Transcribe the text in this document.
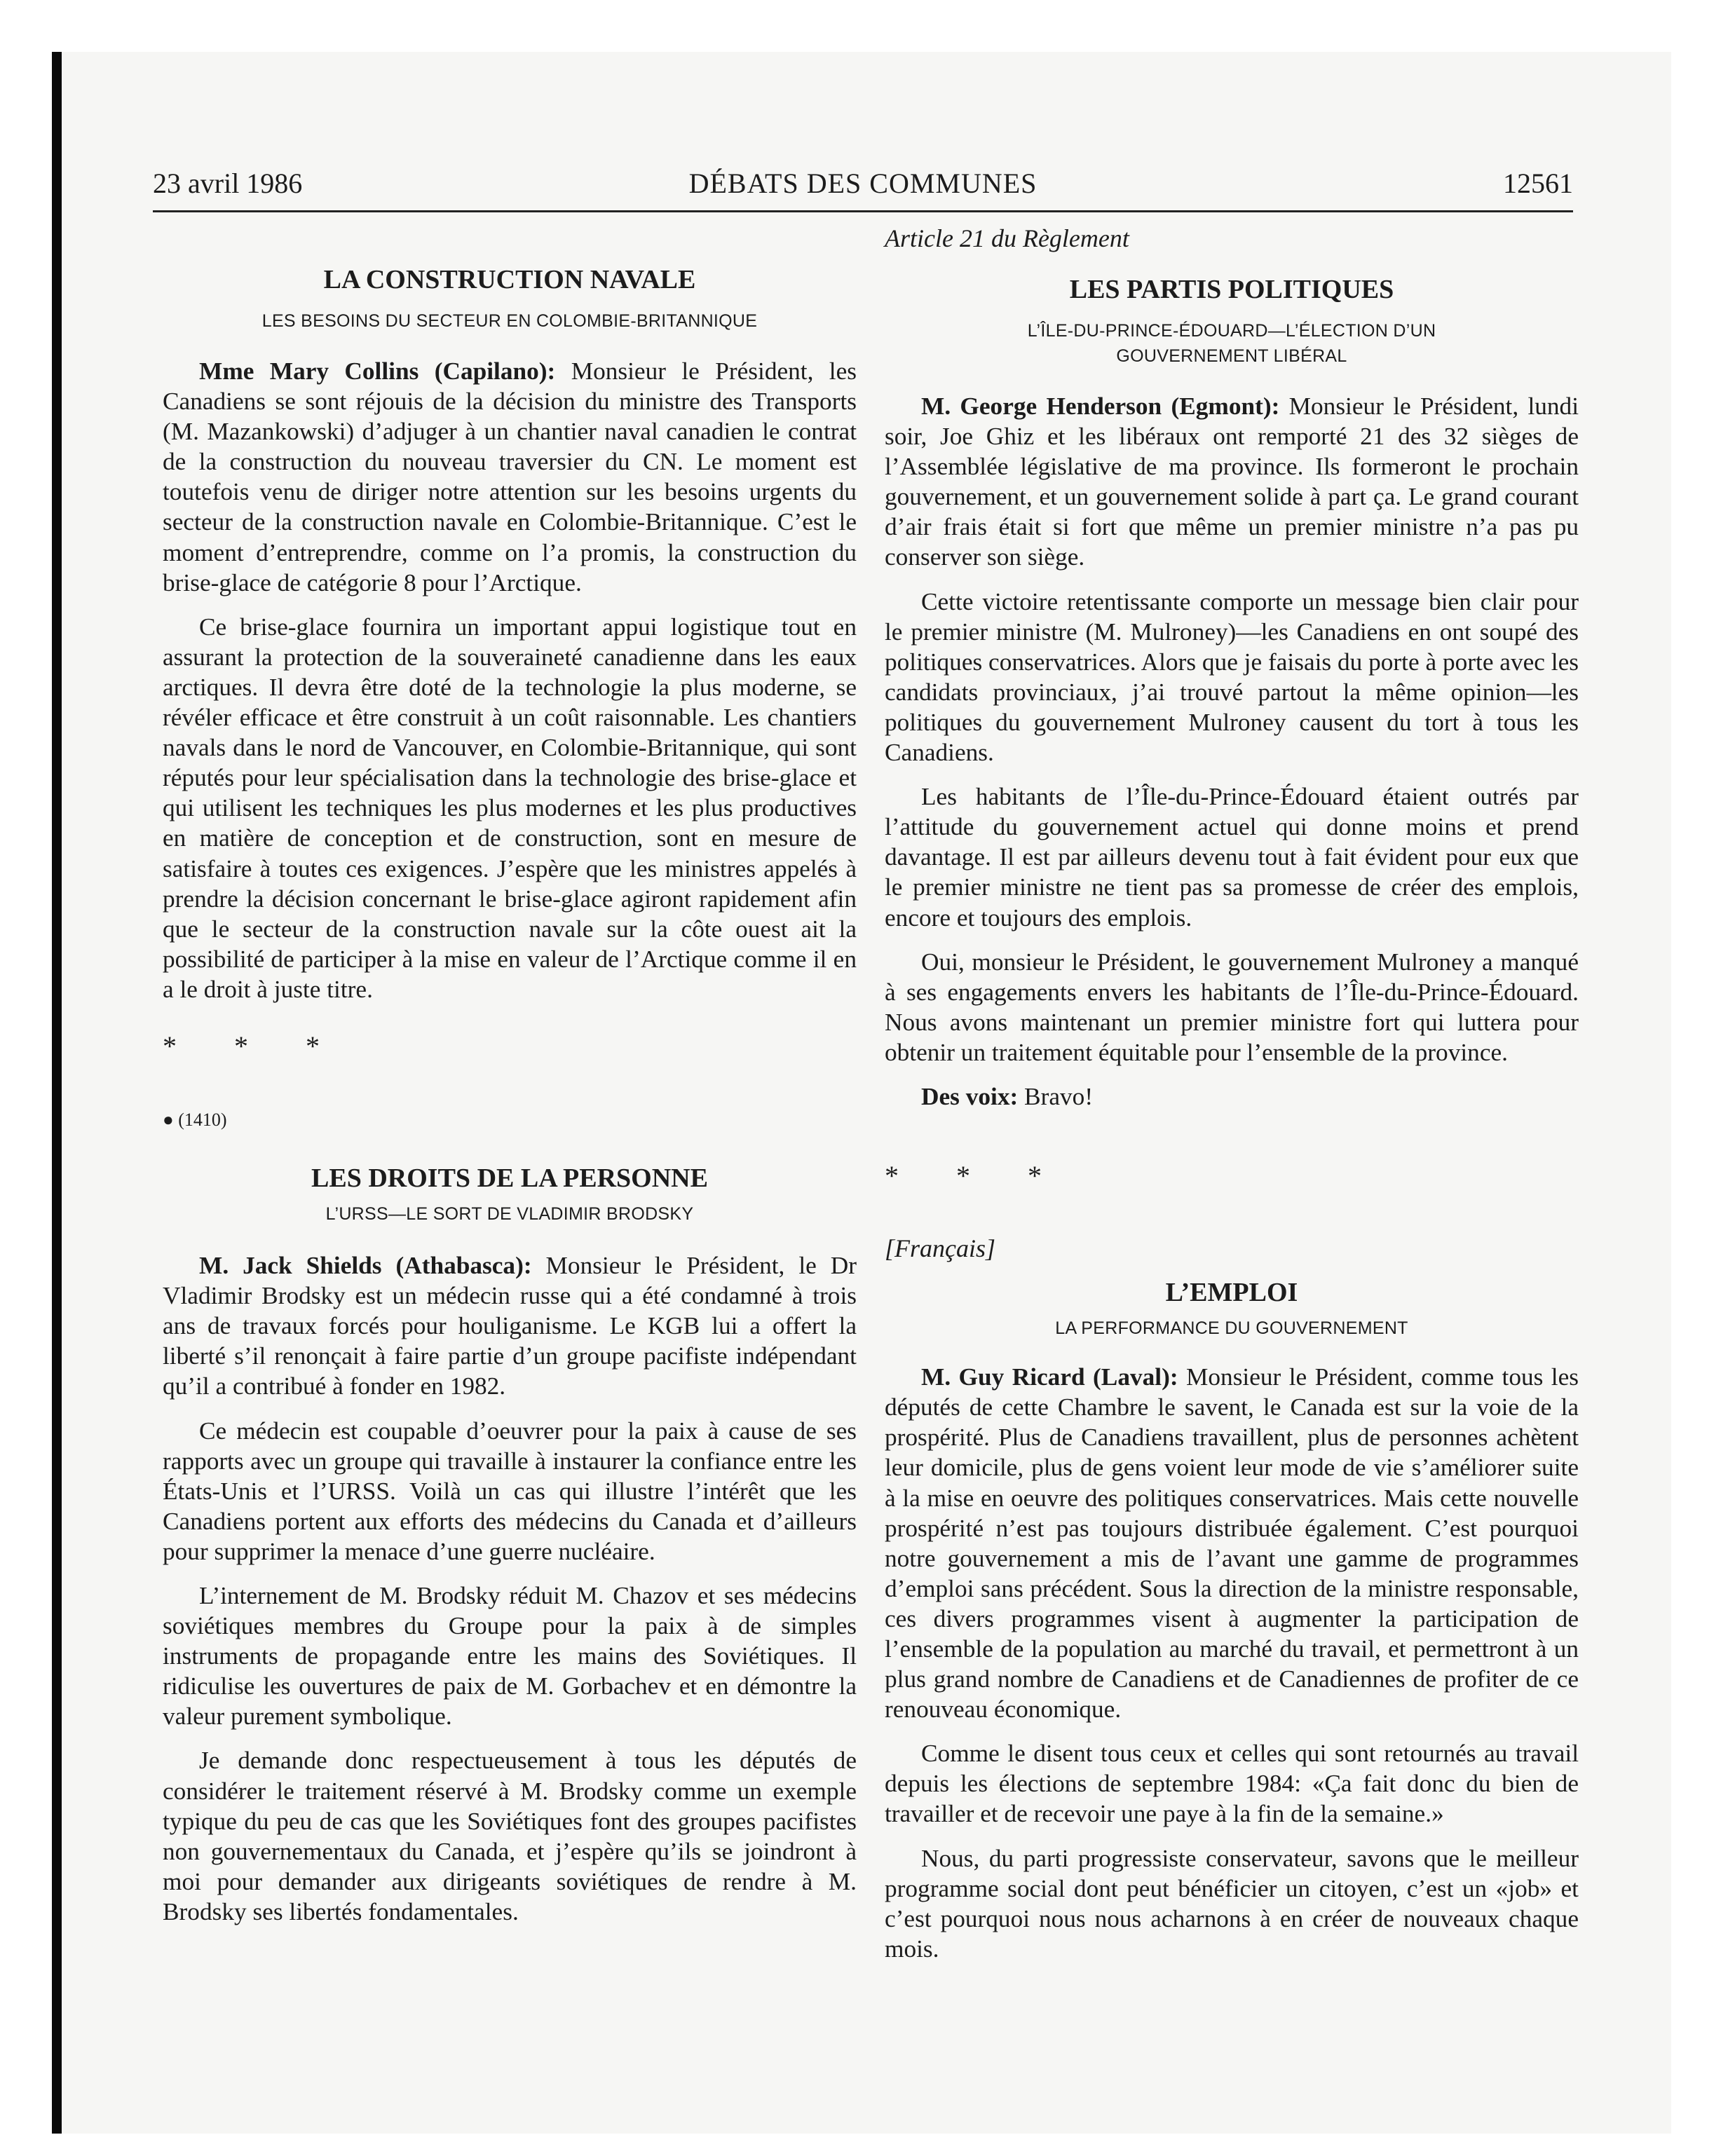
23 avril 1986	DÉBATS DES COMMUNES	12561
LA CONSTRUCTION NAVALE

LES BESOINS DU SECTEUR EN COLOMBIE-BRITANNIQUE

Mme Mary Collins (Capilano): Monsieur le Président, les Canadiens se sont réjouis de la décision du ministre des Transports (M. Mazankowski) d’adjuger à un chantier naval canadien le contrat de la construction du nouveau traversier du CN. Le moment est toutefois venu de diriger notre attention sur les besoins urgents du secteur de la construction navale en Colombie-Britannique. C’est le moment d’entreprendre, comme on l’a promis, la construction du brise-glace de catégorie 8 pour l’Arctique.

Ce brise-glace fournira un important appui logistique tout en assurant la protection de la souveraineté canadienne dans les eaux arctiques. Il devra être doté de la technologie la plus moderne, se révéler efficace et être construit à un coût raisonnable. Les chantiers navals dans le nord de Vancouver, en Colombie-Britannique, qui sont réputés pour leur spécialisation dans la technologie des brise-glace et qui utilisent les techniques les plus modernes et les plus productives en matière de conception et de construction, sont en mesure de satisfaire à toutes ces exigences. J’espère que les ministres appelés à prendre la décision concernant le brise-glace agiront rapidement afin que le secteur de la construction navale sur la côte ouest ait la possibilité de participer à la mise en valeur de l’Arctique comme il en a le droit à juste titre.

* * *

● (1410)

LES DROITS DE LA PERSONNE

L’URSS—LE SORT DE VLADIMIR BRODSKY

M. Jack Shields (Athabasca): Monsieur le Président, le Dr Vladimir Brodsky est un médecin russe qui a été condamné à trois ans de travaux forcés pour houliganisme. Le KGB lui a offert la liberté s’il renonçait à faire partie d’un groupe pacifiste indépendant qu’il a contribué à fonder en 1982.

Ce médecin est coupable d’oeuvrer pour la paix à cause de ses rapports avec un groupe qui travaille à instaurer la confiance entre les États-Unis et l’URSS. Voilà un cas qui illustre l’intérêt que les Canadiens portent aux efforts des médecins du Canada et d’ailleurs pour supprimer la menace d’une guerre nucléaire.

L’internement de M. Brodsky réduit M. Chazov et ses médecins soviétiques membres du Groupe pour la paix à de simples instruments de propagande entre les mains des Soviétiques. Il ridiculise les ouvertures de paix de M. Gorbachev et en démontre la valeur purement symbolique.

Je demande donc respectueusement à tous les députés de considérer le traitement réservé à M. Brodsky comme un exemple typique du peu de cas que les Soviétiques font des groupes pacifistes non gouvernementaux du Canada, et j’espère qu’ils se joindront à moi pour demander aux dirigeants soviétiques de rendre à M. Brodsky ses libertés fondamentales.

Article 21 du Règlement

LES PARTIS POLITIQUES

L’ÎLE-DU-PRINCE-ÉDOUARD—L’ÉLECTION D’UN GOUVERNEMENT LIBÉRAL

M. George Henderson (Egmont): Monsieur le Président, lundi soir, Joe Ghiz et les libéraux ont remporté 21 des 32 sièges de l’Assemblée législative de ma province. Ils formeront le prochain gouvernement, et un gouvernement solide à part ça. Le grand courant d’air frais était si fort que même un premier ministre n’a pas pu conserver son siège.

Cette victoire retentissante comporte un message bien clair pour le premier ministre (M. Mulroney)—les Canadiens en ont soupé des politiques conservatrices. Alors que je faisais du porte à porte avec les candidats provinciaux, j’ai trouvé partout la même opinion—les politiques du gouvernement Mulroney causent du tort à tous les Canadiens.

Les habitants de l’Île-du-Prince-Édouard étaient outrés par l’attitude du gouvernement actuel qui donne moins et prend davantage. Il est par ailleurs devenu tout à fait évident pour eux que le premier ministre ne tient pas sa promesse de créer des emplois, encore et toujours des emplois.

Oui, monsieur le Président, le gouvernement Mulroney a manqué à ses engagements envers les habitants de l’Île-du-Prince-Édouard. Nous avons maintenant un premier ministre fort qui luttera pour obtenir un traitement équitable pour l’ensemble de la province.

Des voix: Bravo!

* * *

[Français]

L’EMPLOI

LA PERFORMANCE DU GOUVERNEMENT

M. Guy Ricard (Laval): Monsieur le Président, comme tous les députés de cette Chambre le savent, le Canada est sur la voie de la prospérité. Plus de Canadiens travaillent, plus de personnes achètent leur domicile, plus de gens voient leur mode de vie s’améliorer suite à la mise en oeuvre des politiques conservatrices. Mais cette nouvelle prospérité n’est pas toujours distribuée également. C’est pourquoi notre gouvernement a mis de l’avant une gamme de programmes d’emploi sans précédent. Sous la direction de la ministre responsable, ces divers programmes visent à augmenter la participation de l’ensemble de la population au marché du travail, et permettront à un plus grand nombre de Canadiens et de Canadiennes de profiter de ce renouveau économique.

Comme le disent tous ceux et celles qui sont retournés au travail depuis les élections de septembre 1984: «Ça fait donc du bien de travailler et de recevoir une paye à la fin de la semaine.»

Nous, du parti progressiste conservateur, savons que le meilleur programme social dont peut bénéficier un citoyen, c’est un «job» et c’est pourquoi nous nous acharnons à en créer de nouveaux chaque mois.
